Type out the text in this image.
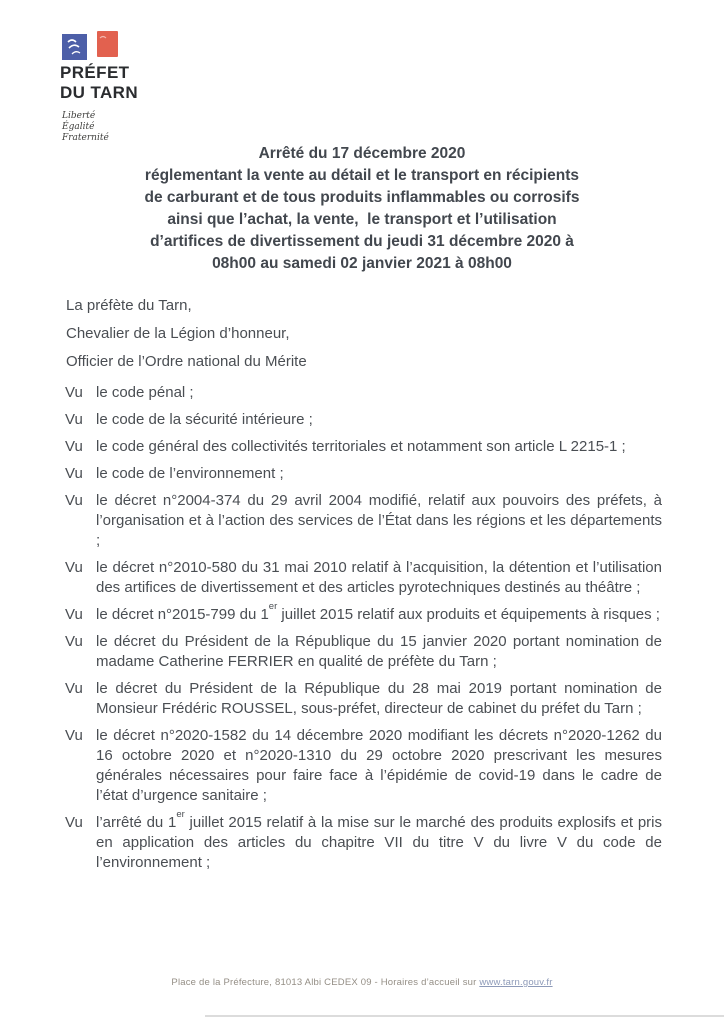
PRÉFET
DU TARN
Liberté
Égalité
Fraternité
Arrêté du 17 décembre 2020
réglementant la vente au détail et le transport en récipients
de carburant et de tous produits inflammables ou corrosifs
ainsi que l’achat, la vente,  le transport et l’utilisation
d’artifices de divertissement du jeudi 31 décembre 2020 à
08h00 au samedi 02 janvier 2021 à 08h00
La préfète du Tarn,
Chevalier de la Légion d’honneur,
Officier de l’Ordre national du Mérite
Vu le code pénal ;
Vu le code de la sécurité intérieure ;
Vu le code général des collectivités territoriales et notamment son article L 2215-1 ;
Vu le code de l’environnement ;
Vu le décret n°2004-374 du 29 avril 2004 modifié, relatif aux pouvoirs des préfets, à l’organisation et à l’action des services de l’État dans les régions et les départements ;
Vu le décret n°2010-580 du 31 mai 2010 relatif à l’acquisition, la détention et l’utilisation des artifices de divertissement et des articles pyrotechniques destinés au théâtre ;
Vu le décret n°2015-799 du 1er juillet 2015 relatif aux produits et équipements à risques ;
Vu le décret du Président de la République du 15 janvier 2020 portant nomination de madame Catherine FERRIER en qualité de préfète du Tarn ;
Vu le décret du Président de la République du 28 mai 2019 portant nomination de Monsieur Frédéric ROUSSEL, sous-préfet, directeur de cabinet du préfet du Tarn ;
Vu le décret n°2020-1582 du 14 décembre 2020 modifiant les décrets n°2020-1262 du 16 octobre 2020 et n°2020-1310 du 29 octobre 2020 prescrivant les mesures générales nécessaires pour faire face à l’épidémie de covid-19 dans le cadre de l’état d’urgence sanitaire ;
Vu l’arrêté du 1er juillet 2015 relatif à la mise sur le marché des produits explosifs et pris en application des articles du chapitre VII du titre V du livre V du code de l’environnement ;
Place de la Préfecture, 81013 Albi CEDEX 09 - Horaires d’accueil sur www.tarn.gouv.fr
